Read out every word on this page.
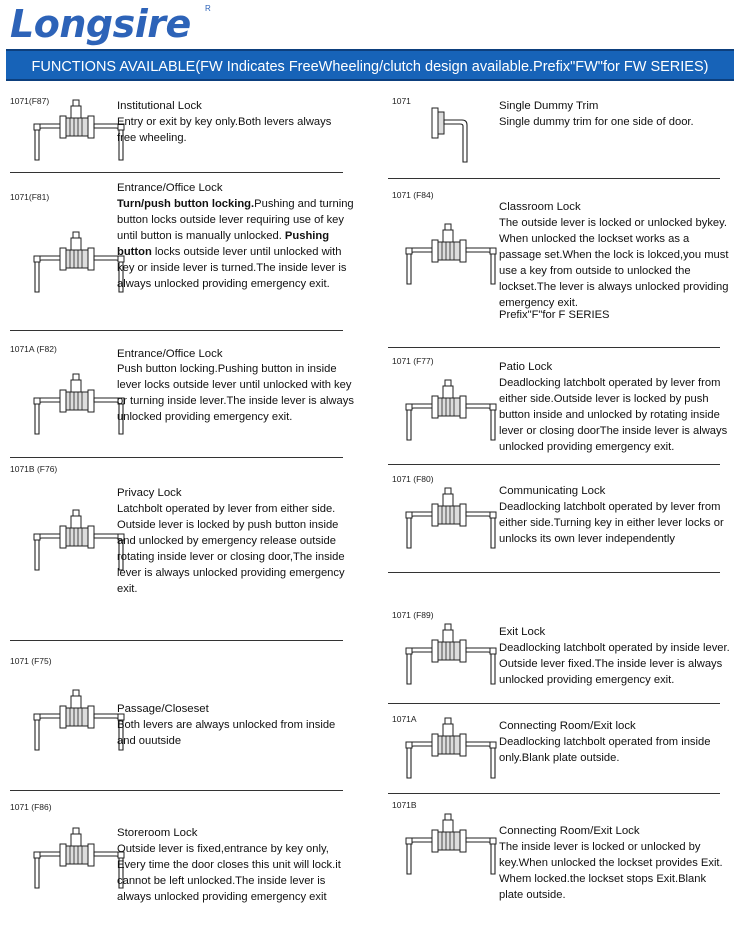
Longsire R
FUNCTIONS AVAILABLE(FW Indicates FreeWheeling/clutch design available.Prefix"FW"for FW SERIES)
1071(F87)	Institutional Lock
Entry or exit by key only.Both levers always free wheeling.
1071(F81)
Entrance/Office Lock
Turn/push button locking.Pushing and turning button locks outside lever requiring use of key until button is manually unlocked. Pushing button locks outside lever until unlocked with key or inside lever is turned.The inside lever is always unlocked providing emergency exit.
1071A (F82)	Entrance/Office Lock
Push button locking.Pushing button in inside lever locks outside lever until unlocked with key or turning inside lever.The inside lever is always unlocked providing emergency exit.
1071B (F76)
Privacy Lock
Latchbolt operated by lever from either side. Outside lever is locked by push button inside and unlocked by emergency release outside rotating inside lever or closing door,The inside lever is always unlocked providing emergency exit.
1071 (F75)
Passage/Closeset
Both levers are always unlocked from inside and ouutside
1071 (F86)
Storeroom Lock
Outside lever is fixed,entrance by key only, Every time the door closes this unit will lock.it cannot be left unlocked.The inside lever is always unlocked providing emergency exit
1071	Single Dummy Trim
Single dummy trim for one side of door.
1071 (F84)
Classroom Lock
The outside lever is locked or unlocked bykey. When unlocked the lockset works as a passage set.When the lock is lokced,you must use a key from outside to unlocked the lockset.The lever is always unlocked providing emergency exit.
Prefix"F"for F SERIES
1071 (F77)	Patio Lock
Deadlocking latchbolt operated by lever from either side.Outside lever is locked by push button inside and unlocked by rotating inside lever or closing doorThe inside lever is always unlocked providing emergency exit.
1071 (F80)
Communicating Lock
Deadlocking latchbolt operated by lever from either side.Turning key in either lever locks or unlocks its own lever independently
1071 (F89)
Exit Lock
Deadlocking latchbolt operated by inside lever. Outside lever fixed.The inside lever is always unlocked providing emergency exit.
1071A
Connecting Room/Exit lock
Deadlocking latchbolt operated from inside only.Blank plate outside.
1071B
Connecting Room/Exit Lock
The inside lever is locked or unlocked by key.When unlocked the lockset provides Exit. Whem locked.the lockset stops Exit.Blank plate outside.
